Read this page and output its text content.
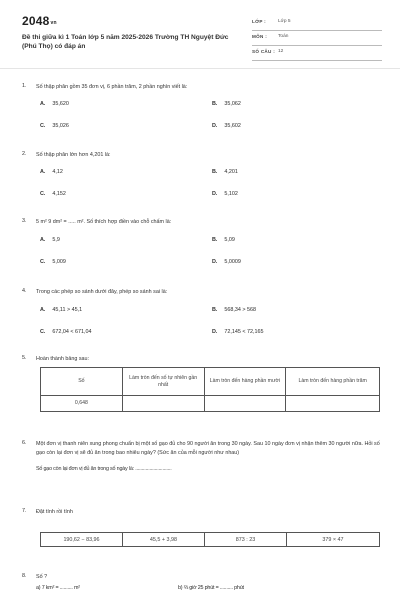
2048vn
Đề thi giữa kì 1 Toán lớp 5 năm 2025-2026 Trường TH Nguyệt Đức (Phú Thọ) có đáp án
LỚP : Lớp 5
MÔN : Toán
SỐ CÂU : 12
1. Số thập phân gồm 35 đơn vị, 6 phần trăm, 2 phần nghìn viết là:
A. 35,620	B. 35,062
C. 35,026	D. 35,602
2. Số thập phân lớn hơn 4,201 là:
A. 4,12	B. 4,201
C. 4,152	D. 5,102
3. 5 m² 9 dm² = ..... m². Số thích hợp điền vào chỗ chấm là:
A. 5,9	B. 5,09
C. 5,009	D. 5,0009
4. Trong các phép so sánh dưới đây, phép so sánh sai là:
A. 45,11 > 45,1	B. 568,34 > 568
C. 672,04 < 671,04	D. 72,145 < 72,165
5. Hoàn thành bảng sau:
Số	Làm tròn đến số tự nhiên gần nhất	Làm tròn đến hàng phần mười	Làm tròn đến hàng phần trăm
0,648			
6. Một đơn vị thanh niên xung phong chuẩn bị một số gạo đủ cho 90 người ăn trong 30 ngày. Sau 10 ngày đơn vị nhận thêm 30 người nữa. Hỏi số gạo còn lại đơn vị sẽ đủ ăn trong bao nhiêu ngày? (Sức ăn của mỗi người như nhau)
Số gạo còn lại đơn vị đủ ăn trong số ngày là: ............................
7. Đặt tính rồi tính
190,62 − 83,96	45,5 + 3,98	873 : 23	379 × 47
8. Số ?
a) 7 km² = .......... m²	b) ⅔ giờ 25 phút = .......... phút
